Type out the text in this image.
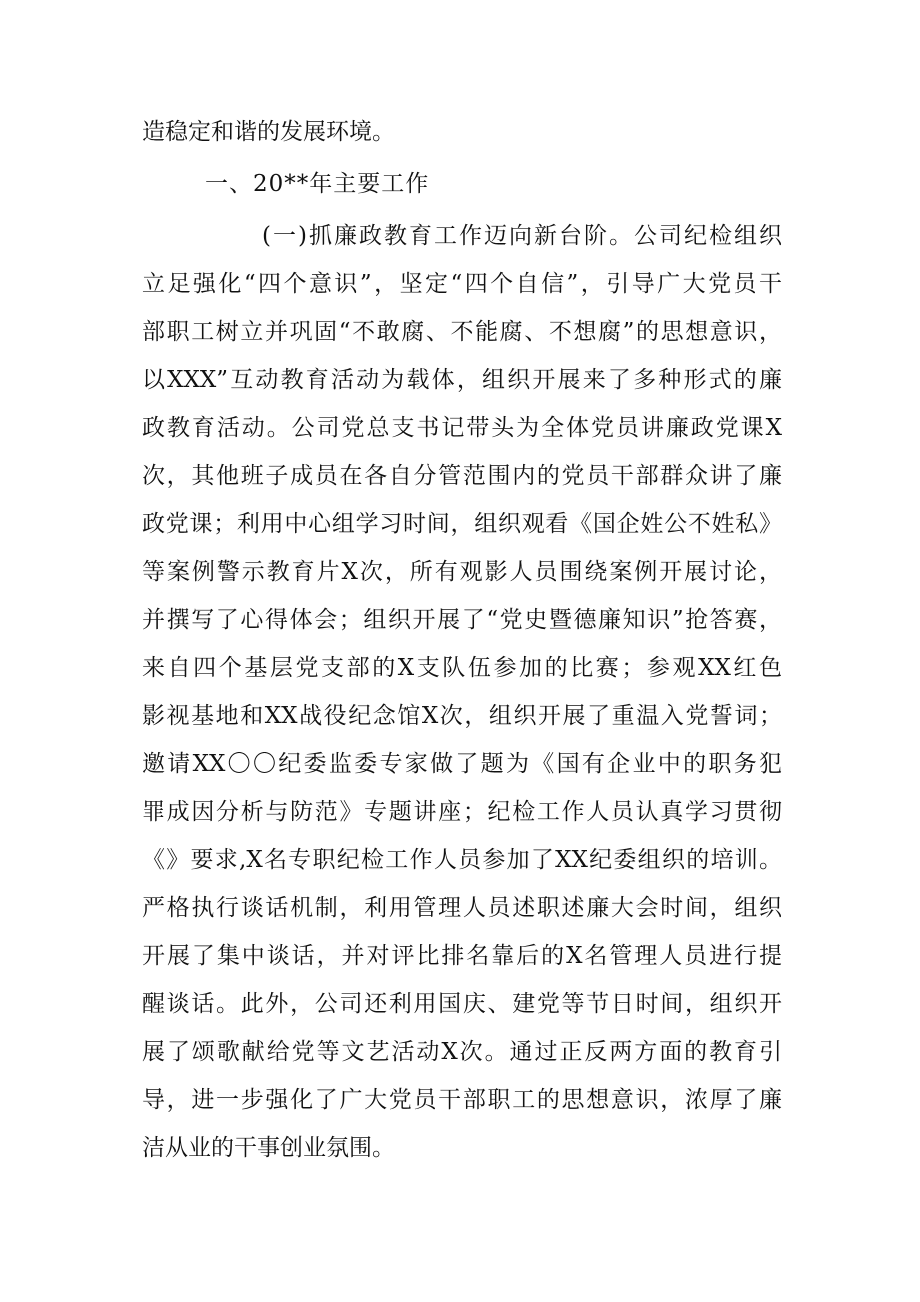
造稳定和谐的发展环境。
一、20**年主要工作
(一)抓廉政教育工作迈向新台阶。公司纪检组织
立足强化“四个意识”，坚定“四个自信”，引导广大党员干
部职工树立并巩固“不敢腐、不能腐、不想腐”的思想意识，
以XXX”互动教育活动为载体，组织开展来了多种形式的廉
政教育活动。公司党总支书记带头为全体党员讲廉政党课X
次，其他班子成员在各自分管范围内的党员干部群众讲了廉
政党课；利用中心组学习时间，组织观看《国企姓公不姓私》
等案例警示教育片X次，所有观影人员围绕案例开展讨论，
并撰写了心得体会；组织开展了“党史暨德廉知识”抢答赛，
来自四个基层党支部的X支队伍参加的比赛；参观XX红色
影视基地和XX战役纪念馆X次，组织开展了重温入党誓词；
邀请XX〇〇纪委监委专家做了题为《国有企业中的职务犯
罪成因分析与防范》专题讲座；纪检工作人员认真学习贯彻
《》要求,X名专职纪检工作人员参加了XX纪委组织的培训。
严格执行谈话机制，利用管理人员述职述廉大会时间，组织
开展了集中谈话，并对评比排名靠后的X名管理人员进行提
醒谈话。此外，公司还利用国庆、建党等节日时间，组织开
展了颂歌献给党等文艺活动X次。通过正反两方面的教育引
导，进一步强化了广大党员干部职工的思想意识，浓厚了廉
洁从业的干事创业氛围。
